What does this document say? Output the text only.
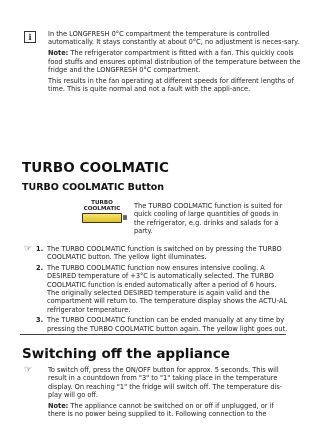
i	In the LONGFRESH 0°C compartment the temperature is controlled automatically. It stays constantly at about 0°C, no adjustment is neces-sary.

Note: The refrigerator compartment is fitted with a fan. This quickly cools food stuffs and ensures optimal distribution of the temperature between the fridge and the LONGFRESH 0°C compartment.

This results in the fan operating at different speeds for different lengths of time. This is quite normal and not a fault with the appli-ance.

TURBO COOLMATIC
TURBO COOLMATIC Button
TURBO
COOLMATIC The TURBO COOLMATIC function is suited for quick cooling of large quantities of goods in the refrigerator, e.g. drinks and salads for a party.
☞ 1. The TURBO COOLMATIC function is switched on by pressing the TURBO COOLMATIC button. The yellow light illuminates.
2. The TURBO COOLMATIC function now ensures intensive cooling. A DESIRED temperature of +3°C is automatically selected. The TURBO COOLMATIC function is ended automatically after a period of 6 hours. The originally selected DESIRED temperature is again valid and the compartment will return to. The temperature display shows the ACTU-AL refrigerator temperature.
3. The TURBO COOLMATIC function can be ended manually at any time by pressing the TURBO COOLMATIC button again. The yellow light goes out.
Switching off the appliance
☞	To switch off, press the ON/OFF button for approx. 5 seconds. This will result in a countdown from "3" to "1" taking place in the temperature display. On reaching "1" the fridge will switch off. The temperature dis-play will go off.

Note: The appliance cannot be switched on or off if unplugged, or if there is no power being supplied to it. Following connection to the
